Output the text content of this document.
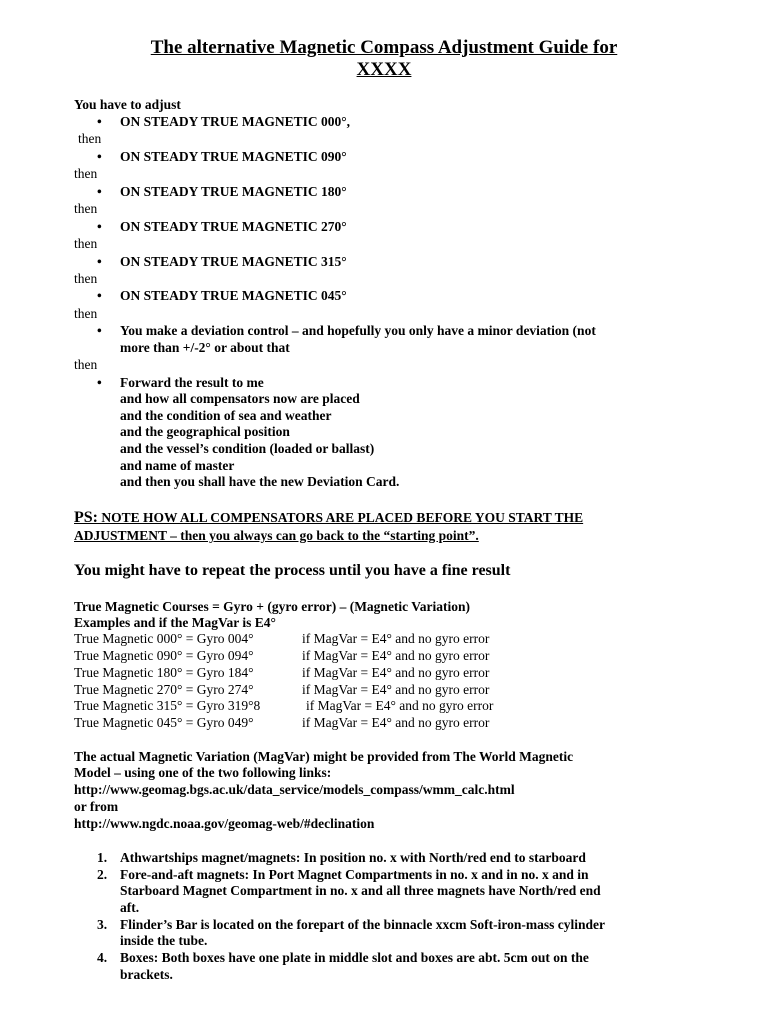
The alternative Magnetic Compass Adjustment Guide for
XXXX
You have to adjust
• ON STEADY TRUE MAGNETIC 000°,
then
• ON STEADY TRUE MAGNETIC 090°
then
• ON STEADY TRUE MAGNETIC 180°
then
• ON STEADY TRUE MAGNETIC 270°
then
• ON STEADY TRUE MAGNETIC 315°
then
• ON STEADY TRUE MAGNETIC 045°
then
• You make a deviation control – and hopefully you only have a minor deviation (not
more than +/-2° or about that
then
• Forward the result to me
and how all compensators now are placed
and the condition of sea and weather
and the geographical position
and the vessel’s condition (loaded or ballast)
and name of master
and then you shall have the new Deviation Card.
PS: NOTE HOW ALL COMPENSATORS ARE PLACED BEFORE YOU START THE
ADJUSTMENT – then you always can go back to the “starting point”.
You might have to repeat the process until you have a fine result
True Magnetic Courses = Gyro + (gyro error) – (Magnetic Variation)
Examples and if the MagVar is E4°
True Magnetic 000° = Gyro 004°	if MagVar = E4° and no gyro error
True Magnetic 090° = Gyro 094°	if MagVar = E4° and no gyro error
True Magnetic 180° = Gyro 184°	if MagVar = E4° and no gyro error
True Magnetic 270° = Gyro 274°	if MagVar = E4° and no gyro error
True Magnetic 315° = Gyro 319°8	if MagVar = E4° and no gyro error
True Magnetic 045° = Gyro 049°	if MagVar = E4° and no gyro error
The actual Magnetic Variation (MagVar) might be provided from The World Magnetic
Model – using one of the two following links:
http://www.geomag.bgs.ac.uk/data_service/models_compass/wmm_calc.html
or from
http://www.ngdc.noaa.gov/geomag-web/#declination
1. Athwartships magnet/magnets: In position no. x with North/red end to starboard
2. Fore-and-aft magnets: In Port Magnet Compartments in no. x and in no. x and in
Starboard Magnet Compartment in no. x and all three magnets have North/red end
aft.
3. Flinder’s Bar is located on the forepart of the binnacle xxcm Soft-iron-mass cylinder
inside the tube.
4. Boxes: Both boxes have one plate in middle slot and boxes are abt. 5cm out on the
brackets.
